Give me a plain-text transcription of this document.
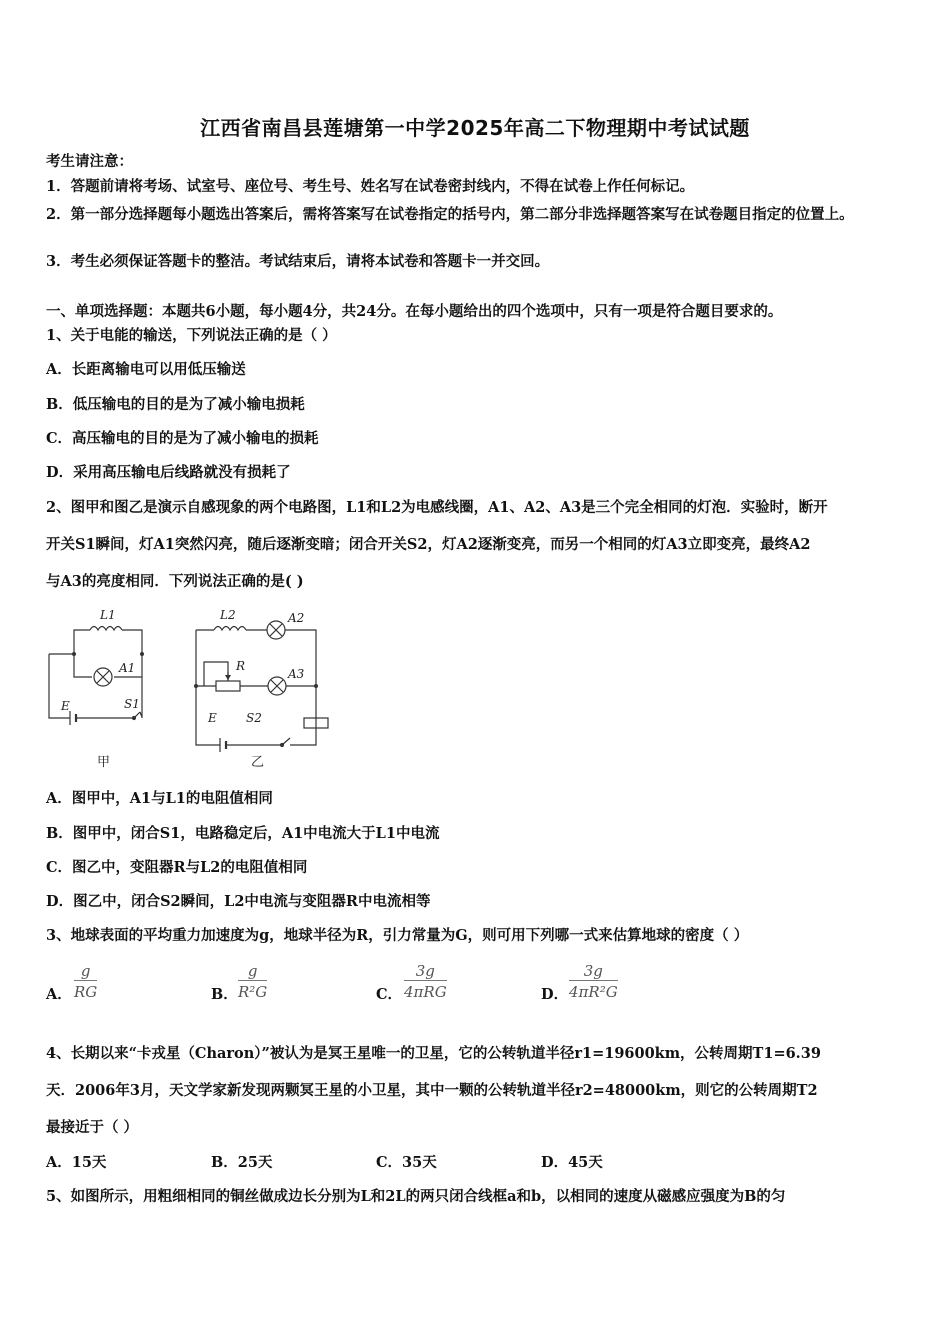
江西省南昌县莲塘第一中学2025年高二下物理期中考试试题
考生请注意：
1．答题前请将考场、试室号、座位号、考生号、姓名写在试卷密封线内，不得在试卷上作任何标记。
2．第一部分选择题每小题选出答案后，需将答案写在试卷指定的括号内，第二部分非选择题答案写在试卷题目指定的位置上。
3．考生必须保证答题卡的整洁。考试结束后，请将本试卷和答题卡一并交回。
一、单项选择题：本题共6小题，每小题4分，共24分。在每小题给出的四个选项中，只有一项是符合题目要求的。
1、关于电能的输送，下列说法正确的是（ ）
A．长距离输电可以用低压输送
B．低压输电的目的是为了减小输电损耗
C．高压输电的目的是为了减小输电的损耗
D．采用高压输电后线路就没有损耗了
2、图甲和图乙是演示自感现象的两个电路图，L1和L2为电感线圈，A1、A2、A3是三个完全相同的灯泡．实验时，断开
开关S1瞬间，灯A1突然闪亮，随后逐渐变暗；闭合开关S2，灯A2逐渐变亮，而另一个相同的灯A3立即变亮，最终A2
与A3的亮度相同．下列说法正确的是( )
L1
A1
E	S1
L2	A2
R
A3
E S2
甲	乙
A．图甲中，A1与L1的电阻值相同
B．图甲中，闭合S1，电路稳定后，A1中电流大于L1中电流
C．图乙中，变阻器R与L2的电阻值相同
D．图乙中，闭合S2瞬间，L2中电流与变阻器R中电流相等
3、地球表面的平均重力加速度为g，地球半径为R，引力常量为G，则可用下列哪一式来估算地球的密度（ ）
A． $\frac{g}{RG}$	B． $\frac{g}{\text{R²G}}$	C．
3g
4πRG	D． $\frac{3g}{\text{4πR²G}}$
4、长期以来“卡戎星（Charon）”被认为是冥王星唯一的卫星，它的公转轨道半径r1=19600km，公转周期T1=6.39
天．2006年3月，天文学家新发现两颗冥王星的小卫星，其中一颗的公转轨道半径r2=48000km，则它的公转周期T2
最接近于（ ）
A．15天	B．25天	C．35天	D．45天
5、如图所示，用粗细相同的铜丝做成边长分别为L和2L的两只闭合线框a和b，以相同的速度从磁感应强度为B的匀
